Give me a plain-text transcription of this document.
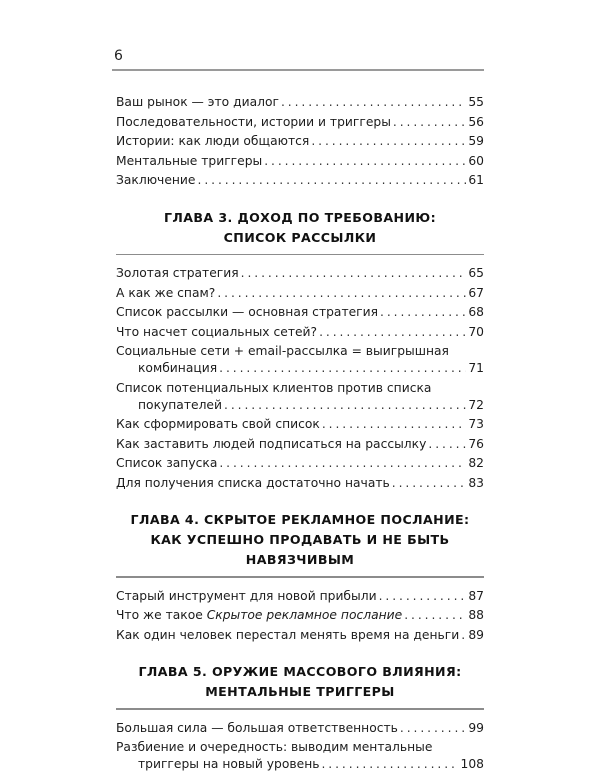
6
Ваш рынок — это диалог . . .	55
Последовательности, истории и триггеры . . .	56
Истории: как люди общаются . . .	59
Ментальные триггеры . . .	60
Заключение . . .	61
ГЛАВА 3. ДОХОД ПО ТРЕБОВАНИЮ:
СПИСОК РАССЫЛКИ
Золотая стратегия . . .	65
А как же спам? . . .	67
Список рассылки — основная стратегия . . .	68
Что насчет социальных сетей? . . .	70
Социальные сети + email-рассылка = выигрышная
комбинация . . .	71
Список потенциальных клиентов против списка
покупателей . . .	72
Как сформировать свой список . . .	73
Как заставить людей подписаться на рассылку . . .	76
Список запуска . . .	82
Для получения списка достаточно начать . . .	83
ГЛАВА 4. СКРЫТОЕ РЕКЛАМНОЕ ПОСЛАНИЕ:
КАК УСПЕШНО ПРОДАВАТЬ И НЕ БЫТЬ НАВЯЗЧИВЫМ
Старый инструмент для новой прибыли . . .	87
Что же такое Скрытое рекламное послание . . .	88
Как один человек перестал менять время на деньги . . . 89
ГЛАВА 5. ОРУЖИЕ МАССОВОГО ВЛИЯНИЯ:
МЕНТАЛЬНЫЕ ТРИГГЕРЫ
Большая сила — большая ответственность . . .	99
Разбиение и очередность: выводим ментальные
триггеры на новый уровень . . .	108
